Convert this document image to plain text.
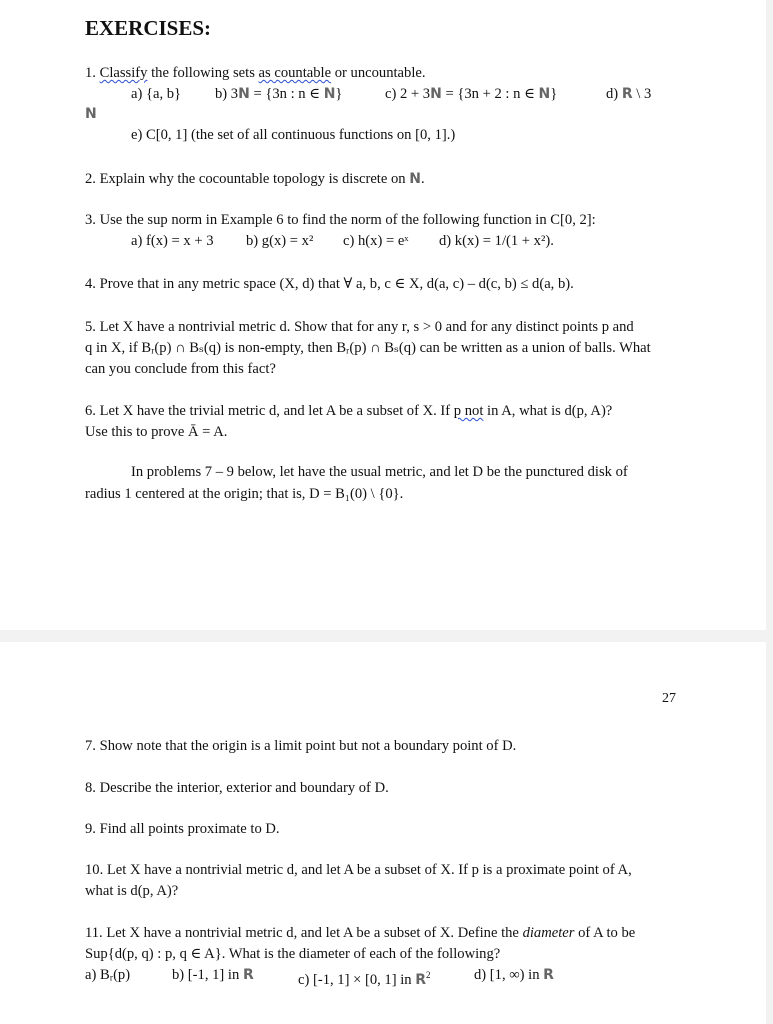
EXERCISES:
1. Classify the following sets as countable or uncountable.
a) {a, b} b) 3N = {3n : n ∈ N}	c) 2 + 3N = {3n + 2 : n ∈ N}	d) R \ 3
N
e) C[0, 1] (the set of all continuous functions on [0, 1].)
2. Explain why the cocountable topology is discrete on N.
3. Use the sup norm in Example 6 to find the norm of the following function in C[0, 2]:
a) f(x) = x + 3 b) g(x) = x² c) h(x) = eˣ d) k(x) = 1/(1 + x²).
4. Prove that in any metric space (X, d) that ∀ a, b, c ∈ X, d(a, c) – d(c, b) ≤ d(a, b).
5. Let X have a nontrivial metric d. Show that for any r, s > 0 and for any distinct points p and
q in X, if Bᵣ(p) ∩ Bₛ(q) is non-empty, then Bᵣ(p) ∩ Bₛ(q) can be written as a union of balls. What
can you conclude from this fact?
6. Let X have the trivial metric d, and let A be a subset of X. If p not in A, what is d(p, A)?
Use this to prove Ā = A.
In problems 7 – 9 below, let have the usual metric, and let D be the punctured disk of
radius 1 centered at the origin; that is, D = B₁(0) \ {0}.
27
7. Show note that the origin is a limit point but not a boundary point of D.
8. Describe the interior, exterior and boundary of D.
9. Find all points proximate to D.
10. Let X have a nontrivial metric d, and let A be a subset of X. If p is a proximate point of A,
what is d(p, A)?
11. Let X have a nontrivial metric d, and let A be a subset of X. Define the diameter of A to be
Sup{d(p, q) : p, q ∈ A}. What is the diameter of each of the following?
a) Bᵣ(p)	b) [-1, 1] in R	c) [-1, 1] × [0, 1] in $R^2$	d) [1, ∞) in R
